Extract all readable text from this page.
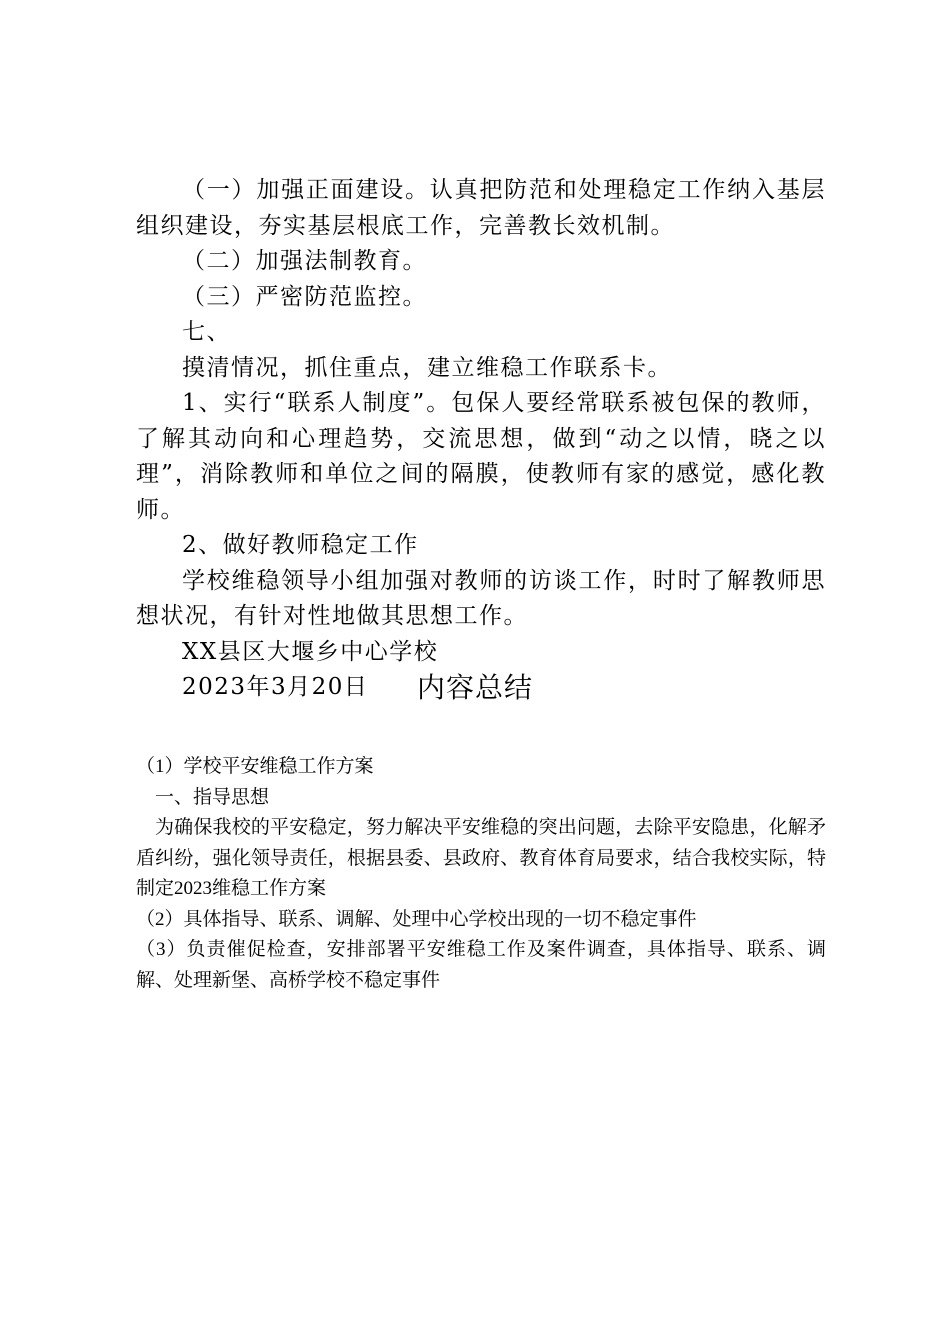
（一）加强正面建设。认真把防范和处理稳定工作纳入基层组织建设，夯实基层根底工作，完善教长效机制。

（二）加强法制教育。

（三）严密防范监控。

七、

摸清情况，抓住重点，建立维稳工作联系卡。

1、实行“联系人制度”。包保人要经常联系被包保的教师，了解其动向和心理趋势，交流思想，做到“动之以情，晓之以理”，消除教师和单位之间的隔膜，使教师有家的感觉，感化教师。

2、做好教师稳定工作

学校维稳领导小组加强对教师的访谈工作，时时了解教师思想状况，有针对性地做其思想工作。

XX县区大堰乡中心学校

2023年3月20日	内容总结

（1）学校平安维稳工作方案

一、指导思想

为确保我校的平安稳定，努力解决平安维稳的突出问题，去除平安隐患，化解矛盾纠纷，强化领导责任，根据县委、县政府、教育体育局要求，结合我校实际，特制定2023维稳工作方案

（2）具体指导、联系、调解、处理中心学校出现的一切不稳定事件

（3）负责催促检查，安排部署平安维稳工作及案件调查，具体指导、联系、调解、处理新堡、高桥学校不稳定事件
